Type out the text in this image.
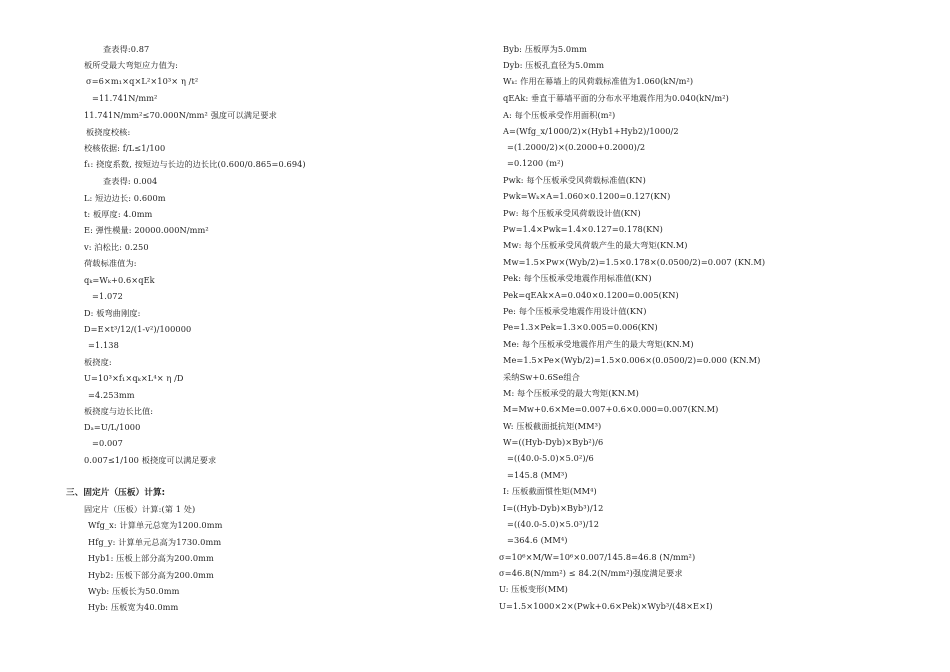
查表得:0.87
板所受最大弯矩应力值为:
σ=6×m₁×q×L²×10³× η /t²
=11.741N/mm²
11.741N/mm²≤70.000N/mm² 强度可以满足要求
板挠度校核:
校核依据: f/L≤1/100
f₁: 挠度系数, 按短边与长边的边长比(0.600/0.865=0.694)
查表得: 0.004
L: 短边边长: 0.600m
t: 板厚度: 4.0mm
E: 弹性模量: 20000.000N/mm²
v: 泊松比: 0.250
荷载标准值为:
qₖ=Wₖ+0.6×qEk
=1.072
D: 板弯曲刚度:
D=E×t³/12/(1-v²)/100000
=1.138
板挠度:
U=10³×f₁×qₖ×L⁴× η /D
=4.253mm
板挠度与边长比值:
Dₐ=U/L/1000
=0.007
0.007≤1/100 板挠度可以满足要求
三、固定片（压板）计算:
固定片（压板）计算:(第 1 处)
Wfg_x: 计算单元总宽为1200.0mm
Hfg_y: 计算单元总高为1730.0mm
Hyb1: 压板上部分高为200.0mm
Hyb2: 压板下部分高为200.0mm
Wyb: 压板长为50.0mm
Hyb: 压板宽为40.0mm
Byb: 压板厚为5.0mm
Dyb: 压板孔直径为5.0mm
Wₖ: 作用在幕墙上的风荷载标准值为1.060(kN/m²)
qEAk: 垂直于幕墙平面的分布水平地震作用为0.040(kN/m²)
A: 每个压板承受作用面积(m²)
A=(Wfg_x/1000/2)×(Hyb1+Hyb2)/1000/2
=(1.2000/2)×(0.2000+0.2000)/2
=0.1200 (m²)
Pwk: 每个压板承受风荷载标准值(KN)
Pwk=Wₖ×A=1.060×0.1200=0.127(KN)
Pw: 每个压板承受风荷载设计值(KN)
Pw=1.4×Pwk=1.4×0.127=0.178(KN)
Mw: 每个压板承受风荷载产生的最大弯矩(KN.M)
Mw=1.5×Pw×(Wyb/2)=1.5×0.178×(0.0500/2)=0.007 (KN.M)
Pek: 每个压板承受地震作用标准值(KN)
Pek=qEAk×A=0.040×0.1200=0.005(KN)
Pe: 每个压板承受地震作用设计值(KN)
Pe=1.3×Pek=1.3×0.005=0.006(KN)
Me: 每个压板承受地震作用产生的最大弯矩(KN.M)
Me=1.5×Pe×(Wyb/2)=1.5×0.006×(0.0500/2)=0.000 (KN.M)
采纳Sw+0.6Se组合
M: 每个压板承受的最大弯矩(KN.M)
M=Mw+0.6×Me=0.007+0.6×0.000=0.007(KN.M)
W: 压板截面抵抗矩(MM³)
W=((Hyb-Dyb)×Byb²)/6
=((40.0-5.0)×5.0²)/6
=145.8 (MM³)
I: 压板截面惯性矩(MM⁴)
I=((Hyb-Dyb)×Byb³)/12
=((40.0-5.0)×5.0³)/12
=364.6 (MM⁴)
σ=10⁶×M/W=10⁶×0.007/145.8=46.8 (N/mm²)
σ=46.8(N/mm²) ≤ 84.2(N/mm²)强度满足要求
U: 压板变形(MM)
U=1.5×1000×2×(Pwk+0.6×Pek)×Wyb³/(48×E×I)
